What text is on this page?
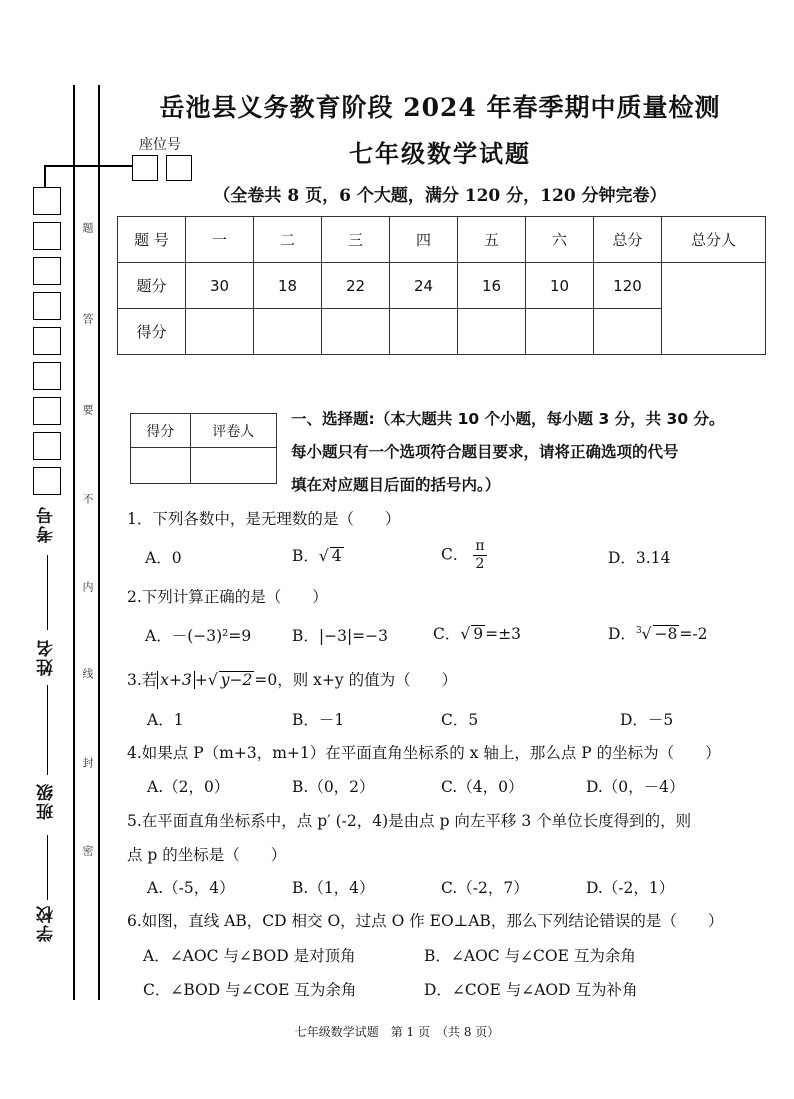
题
答
要
不
内
线
封
密
考号
姓名
班级
学校
座位号
岳池县义务教育阶段 2024 年春季期中质量检测
七年级数学试题
（全卷共 8 页，6 个大题，满分 120 分，120 分钟完卷）
题 号	一	二	三	四	五	六	总分	总分人
题分	30	18	22	24	16	10	120	
得分								
得分	评卷人

一、选择题:（本大题共 10 个小题，每小题 3 分，共 30 分。
每小题只有一个选项符合题目要求，请将正确选项的代号
填在对应题目后面的括号内。）
1．下列各数中，是无理数的是（　　）
A．0	B．√ 4	C． $\frac{\pi}{2}$	D．3.14
2.下列计算正确的是（　　）
A．－(−3)²=9	B．|−3|=−3	C．√ 9 =±3	D．$^3$√ −8 =-2
3.若 x+3 +√ y−2 =0，则 x+y 的值为（　　）
A．1	B．－1	C．5	D．－5
4.如果点 P（m+3，m+1）在平面直角坐标系的 x 轴上，那么点 P 的坐标为（　　）
A.（2，0）	B.（0，2）	C.（4，0）	D.（0，－4）
5.在平面直角坐标系中，点 p′ (-2，4)是由点 p 向左平移 3 个单位长度得到的，则
点 p 的坐标是（　　）
A.（-5，4）	B.（1，4）	C.（-2，7）	D.（-2，1）
6.如图，直线 AB，CD 相交 O，过点 O 作 EO⊥AB，那么下列结论错误的是（　　）
A．∠AOC 与∠BOD 是对顶角	B．∠AOC 与∠COE 互为余角
C．∠BOD 与∠COE 互为余角	D．∠COE 与∠AOD 互为补角
七年级数学试题　第 1 页　（共 8 页）
